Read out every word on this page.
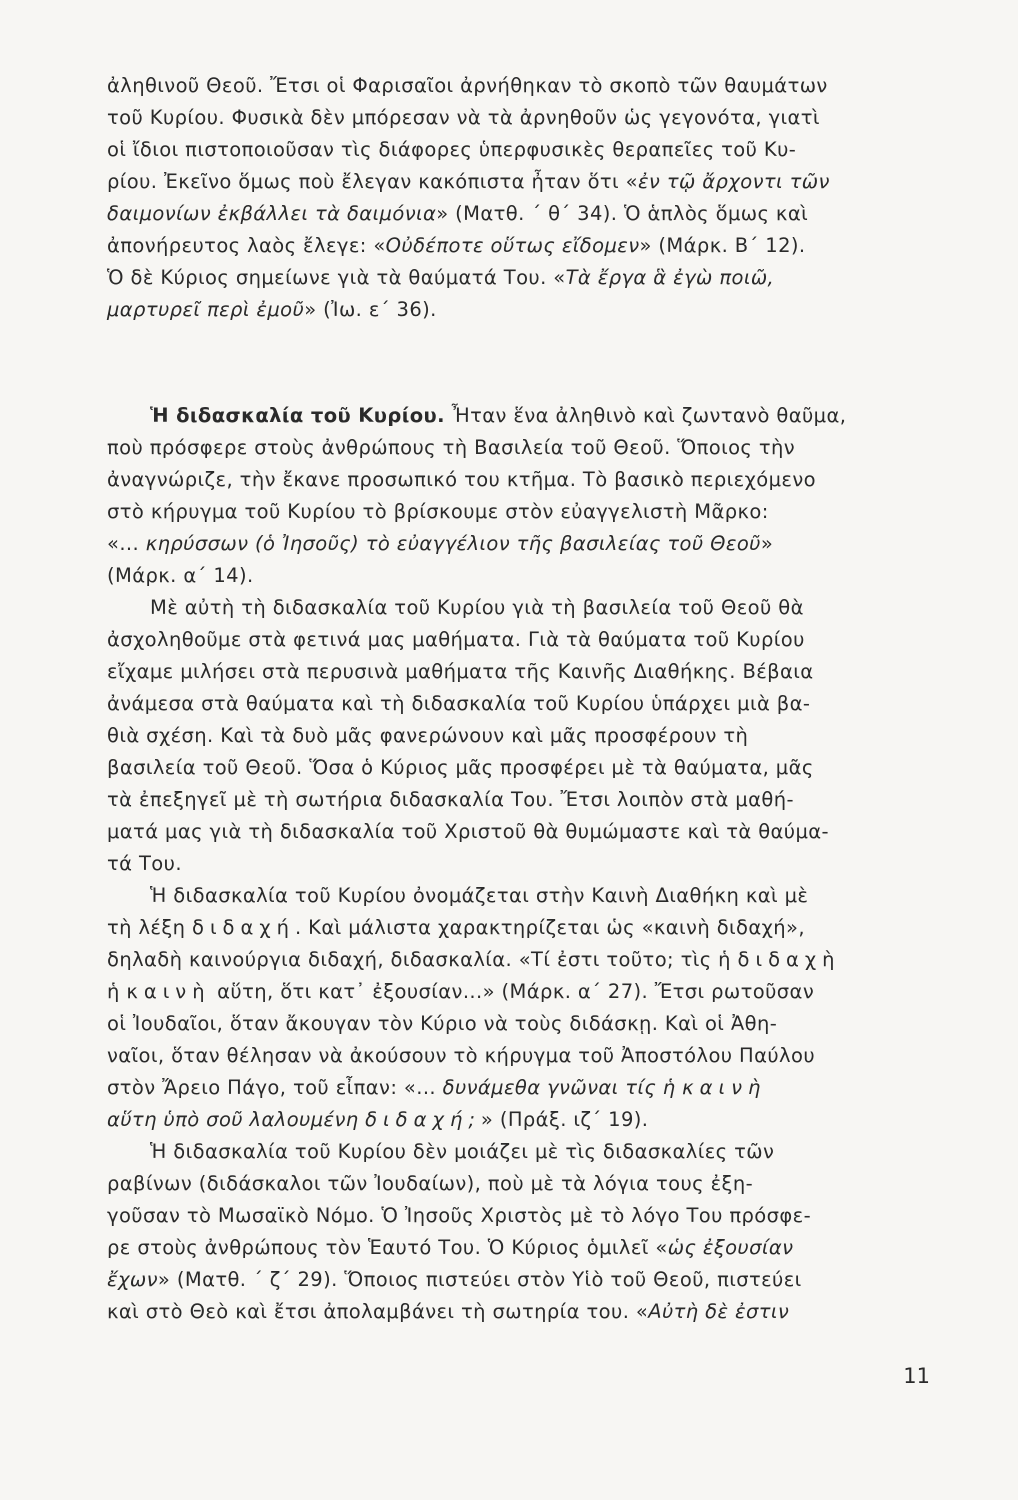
ἀληθινοῦ Θεοῦ. Ἔτσι οἱ Φαρισαῖοι ἀρνήθηκαν τὸ σκοπὸ τῶν θαυμάτων
τοῦ Κυρίου. Φυσικὰ δὲν μπόρεσαν νὰ τὰ ἀρνηθοῦν ὡς γεγονότα, γιατὶ
οἱ ἴδιοι πιστοποιοῦσαν τὶς διάφορες ὑπερφυσικὲς θεραπεῖες τοῦ Κυ-
ρίου. Ἐκεῖνο ὅμως ποὺ ἔλεγαν κακόπιστα ἦταν ὅτι «ἐν τῷ ἄρχοντι τῶν
δαιμονίων ἐκβάλλει τὰ δαιμόνια» (Ματθ. ΄ θ΄ 34). Ὁ ἁπλὸς ὅμως καὶ
ἀπονήρευτος λαὸς ἔλεγε: «Οὐδέποτε οὕτως εἴδομεν» (Μάρκ. Β΄ 12).
Ὁ δὲ Κύριος σημείωνε γιὰ τὰ θαύματά Του. «Τὰ ἔργα ἃ ἐγὼ ποιῶ,
μαρτυρεῖ περὶ ἐμοῦ» (Ἰω. ε΄ 36).
Ἡ διδασκαλία τοῦ Κυρίου. Ἦταν ἕνα ἀληθινὸ καὶ ζωντανὸ θαῦμα,
ποὺ πρόσφερε στοὺς ἀνθρώπους τὴ Βασιλεία τοῦ Θεοῦ. Ὅποιος τὴν
ἀναγνώριζε, τὴν ἔκανε προσωπικό του κτῆμα. Τὸ βασικὸ περιεχόμενο
στὸ κήρυγμα τοῦ Κυρίου τὸ βρίσκουμε στὸν εὐαγγελιστὴ Μᾶρκο:
«... κηρύσσων (ὁ Ἰησοῦς) τὸ εὐαγγέλιον τῆς βασιλείας τοῦ Θεοῦ»
(Μάρκ. α΄ 14).
Μὲ αὐτὴ τὴ διδασκαλία τοῦ Κυρίου γιὰ τὴ βασιλεία τοῦ Θεοῦ θὰ
ἀσχοληθοῦμε στὰ φετινά μας μαθήματα. Γιὰ τὰ θαύματα τοῦ Κυρίου
εἴχαμε μιλήσει στὰ περυσινὰ μαθήματα τῆς Καινῆς Διαθήκης. Βέβαια
ἀνάμεσα στὰ θαύματα καὶ τὴ διδασκαλία τοῦ Κυρίου ὑπάρχει μιὰ βα-
θιὰ σχέση. Καὶ τὰ δυὸ μᾶς φανερώνουν καὶ μᾶς προσφέρουν τὴ
βασιλεία τοῦ Θεοῦ. Ὅσα ὁ Κύριος μᾶς προσφέρει μὲ τὰ θαύματα, μᾶς
τὰ ἐπεξηγεῖ μὲ τὴ σωτήρια διδασκαλία Του. Ἔτσι λοιπὸν στὰ μαθή-
ματά μας γιὰ τὴ διδασκαλία τοῦ Χριστοῦ θὰ θυμώμαστε καὶ τὰ θαύμα-
τά Του.
Ἡ διδασκαλία τοῦ Κυρίου ὀνομάζεται στὴν Καινὴ Διαθήκη καὶ μὲ
τὴ λέξη διδαχή. Καὶ μάλιστα χαρακτηρίζεται ὡς «καινὴ διδαχή»,
δηλαδὴ καινούργια διδαχή, διδασκαλία. «Τί ἐστι τοῦτο; τὶς ἡ διδαχὴ
ἡ καινὴ αὕτη, ὅτι κατ᾽ ἐξουσίαν...» (Μάρκ. α΄ 27). Ἔτσι ρωτοῦσαν
οἱ Ἰουδαῖοι, ὅταν ἄκουγαν τὸν Κύριο νὰ τοὺς διδάσκῃ. Καὶ οἱ Ἀθη-
ναῖοι, ὅταν θέλησαν νὰ ἀκούσουν τὸ κήρυγμα τοῦ Ἀποστόλου Παύλου
στὸν Ἄρειο Πάγο, τοῦ εἶπαν: «... δυνάμεθα γνῶναι τίς ἡ καινὴ
αὕτη ὑπὸ σοῦ λαλουμένη διδαχή;» (Πράξ. ιζ΄ 19).
Ἡ διδασκαλία τοῦ Κυρίου δὲν μοιάζει μὲ τὶς διδασκαλίες τῶν
ραβίνων (διδάσκαλοι τῶν Ἰουδαίων), ποὺ μὲ τὰ λόγια τους ἐξη-
γοῦσαν τὸ Μωσαϊκὸ Νόμο. Ὁ Ἰησοῦς Χριστὸς μὲ τὸ λόγο Του πρόσφε-
ρε στοὺς ἀνθρώπους τὸν Ἑαυτό Του. Ὁ Κύριος ὁμιλεῖ «ὡς ἐξουσίαν
ἔχων» (Ματθ. ΄ ζ΄ 29). Ὅποιος πιστεύει στὸν Υἱὸ τοῦ Θεοῦ, πιστεύει
καὶ στὸ Θεὸ καὶ ἔτσι ἀπολαμβάνει τὴ σωτηρία του. «Αὐτὴ δὲ ἐστιν
11
